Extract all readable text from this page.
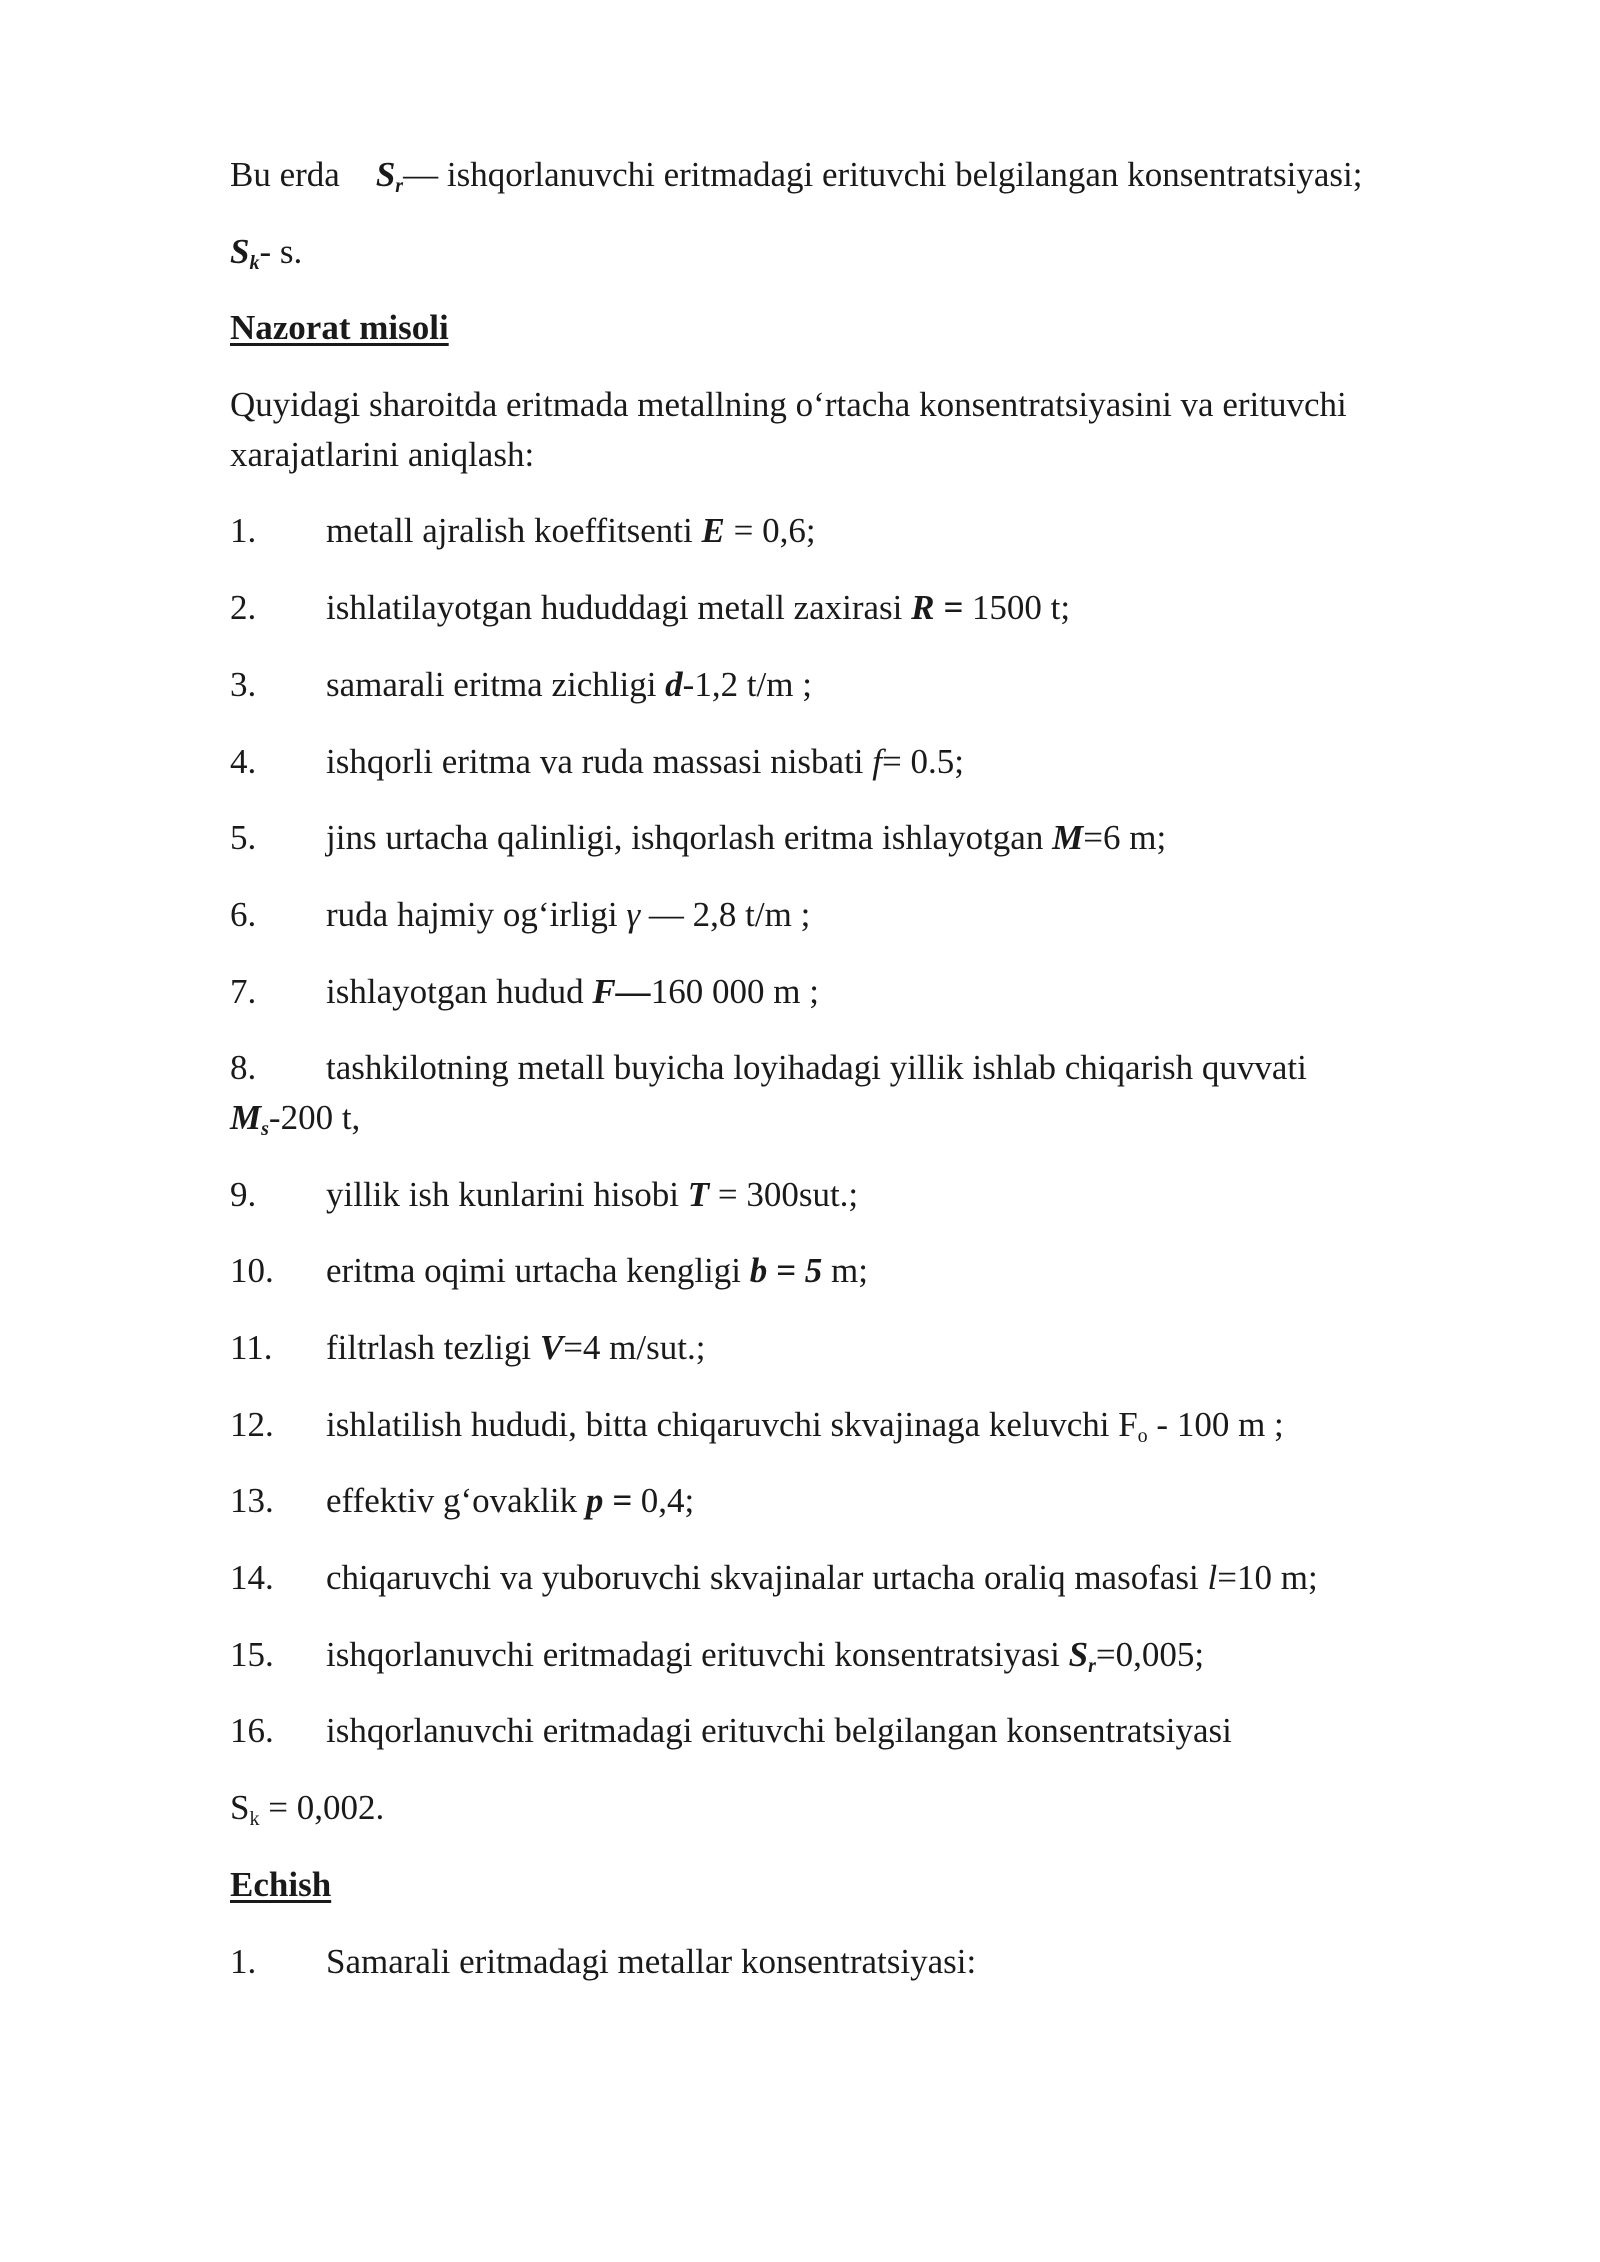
Bu erda $S_r—$ ishqorlanuvchi eritmadagi erituvchi belgilangan konsentratsiyasi;

$S_k-$ s.

Nazorat misoli

Quyidagi sharoitda eritmada metallning o‘rtacha konsentratsiyasini va erituvchi xarajatlarini aniqlash:

1.	metall ajralish koeffitsenti E = 0,6;
2.	ishlatilayotgan hududdagi metall zaxirasi R = 1500 t;
3.	samarali eritma zichligi d-1,2 t/m ;
4.	ishqorli eritma va ruda massasi nisbati f= 0.5;
5.	jins urtacha qalinligi, ishqorlash eritma ishlayotgan M=6 m;
6.	ruda hajmiy og‘irligi γ — 2,8 t/m ;
7.	ishlayotgan hudud F—160 000 m ;
8. tashkilotning metall buyicha loyihadagi yillik ishlab chiqarish quvvati
$M_s-200$ t,
9.	yillik ish kunlarini hisobi T = 300sut.;
10.	eritma oqimi urtacha kengligi b = 5 m;
11.	filtrlash tezligi V=4 m/sut.;
12.	ishlatilish hududi, bitta chiqaruvchi skvajinaga keluvchi $F_o - 100$ m ;
13.	effektiv g‘ovaklik p = 0,4;
14.	chiqaruvchi va yuboruvchi skvajinalar urtacha oraliq masofasi l=10 m;
15.	ishqorlanuvchi eritmadagi erituvchi konsentratsiyasi $S_r=0,005$;
16.	ishqorlanuvchi eritmadagi erituvchi belgilangan konsentratsiyasi

$S_k = 0,002$.

Echish

1.	Samarali eritmadagi metallar konsentratsiyasi:
